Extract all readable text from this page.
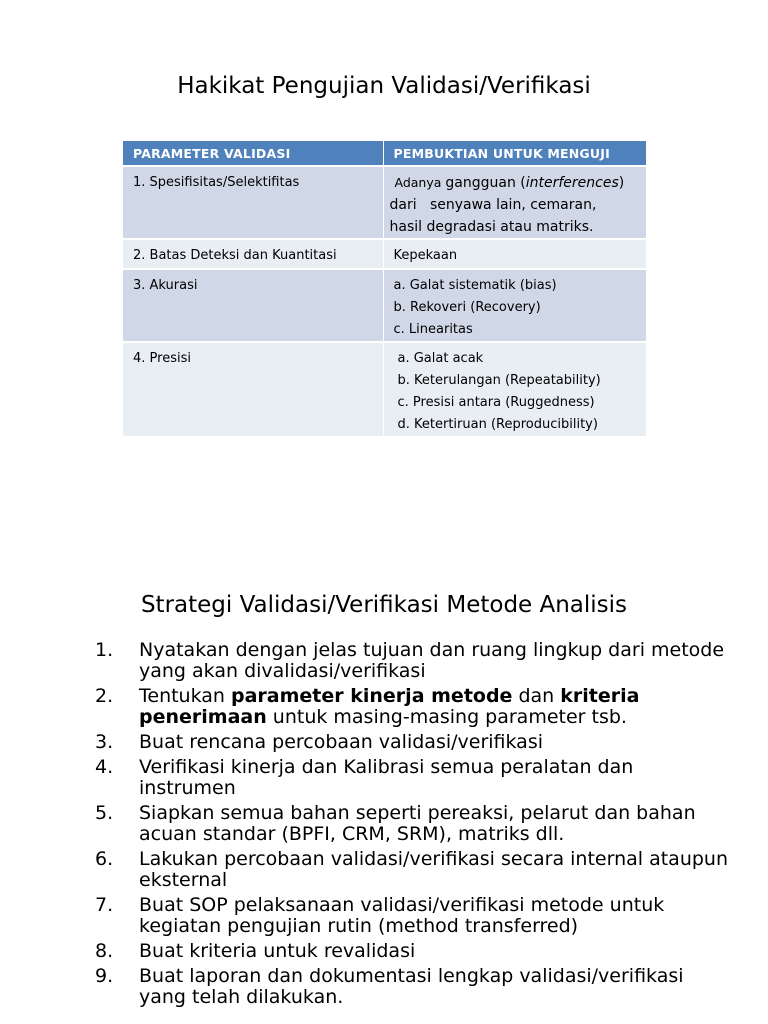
Hakikat Pengujian Validasi/Verifikasi
PARAMETER VALIDASI	PEMBUKTIAN UNTUK MENGUJI
1. Spesifisitas/Selektifitas	Adanya gangguan (interferences)
dari   senyawa lain, cemaran,
hasil degradasi atau matriks.

2. Batas Deteksi dan Kuantitasi	Kepekaan

3. Akurasi	a. Galat sistematik (bias)
b. Rekoveri (Recovery)
c. Linearitas

4. Presisi	a. Galat acak
b. Keterulangan (Repeatability)
c. Presisi antara (Ruggedness)
d. Ketertiruan (Reproducibility)
Strategi Validasi/Verifikasi Metode Analisis
1. Nyatakan dengan jelas tujuan dan ruang lingkup dari metode yang akan divalidasi/verifikasi
2. Tentukan parameter kinerja metode dan kriteria penerimaan untuk masing-masing parameter tsb.
3. Buat rencana percobaan validasi/verifikasi
4. Verifikasi kinerja dan Kalibrasi semua peralatan dan instrumen
5. Siapkan semua bahan seperti pereaksi, pelarut dan bahan acuan standar (BPFI, CRM, SRM), matriks dll.
6. Lakukan percobaan validasi/verifikasi secara internal ataupun eksternal
7. Buat SOP pelaksanaan validasi/verifikasi metode untuk kegiatan pengujian rutin (method transferred)
8. Buat kriteria untuk revalidasi
9. Buat laporan dan dokumentasi lengkap validasi/verifikasi yang telah dilakukan.
